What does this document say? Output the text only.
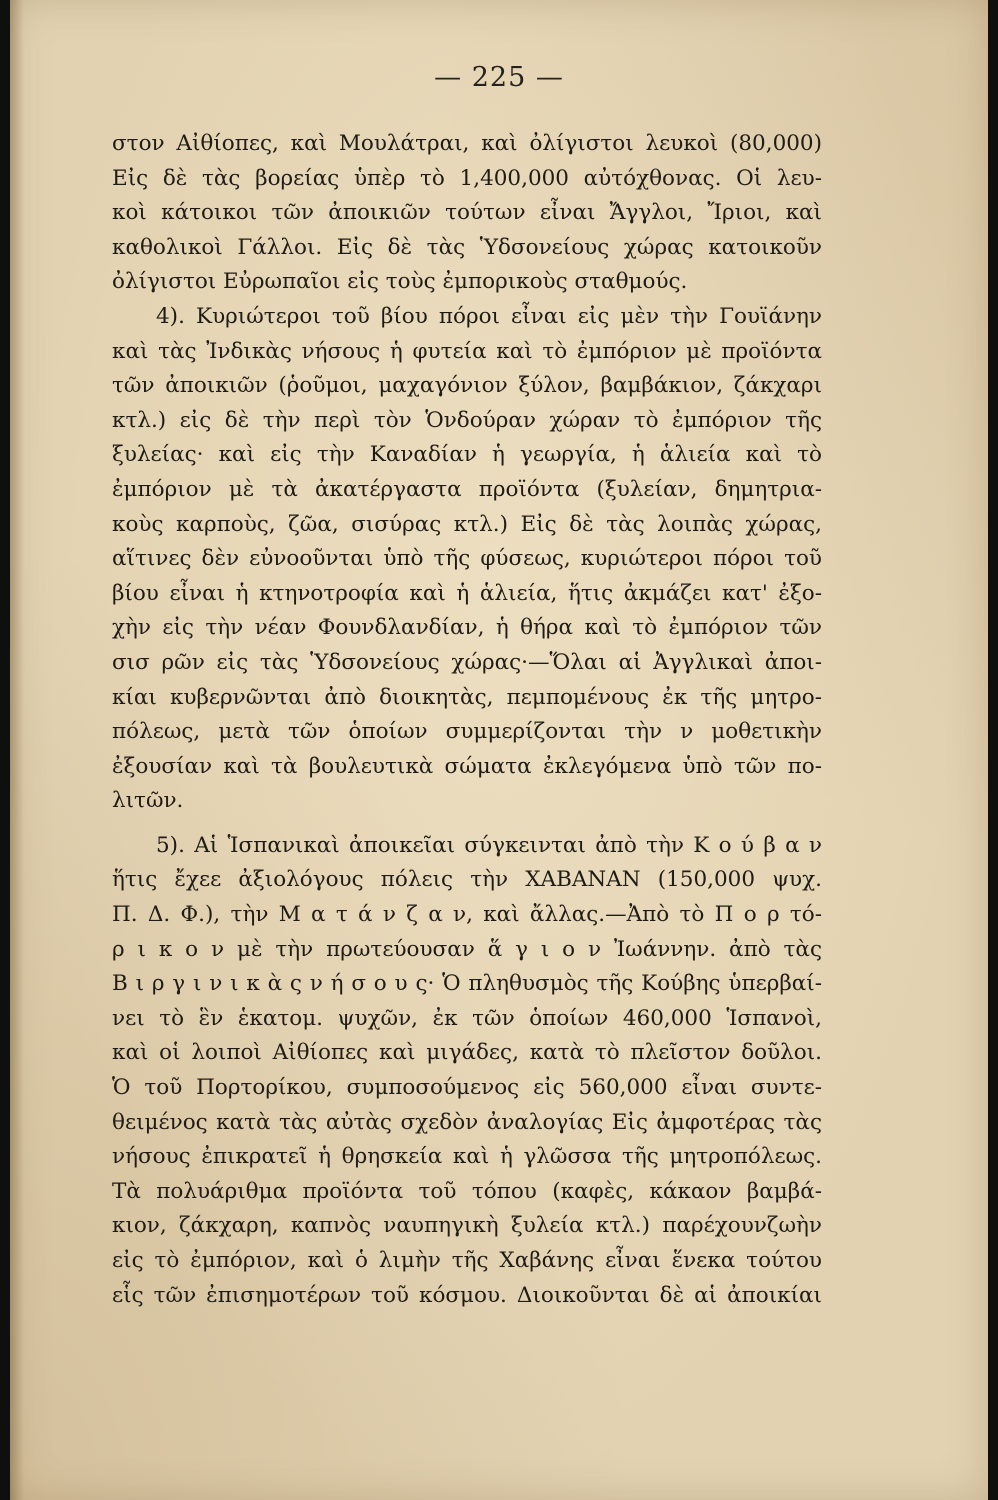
— 225 —
στον Αἰθίοπες, καὶ Μουλάτραι, καὶ ὀλίγιστοι λευκοὶ (80,000)
Εἰς δὲ τὰς βορείας ὑπὲρ τὸ 1,400,000 αὐτόχθονας. Οἱ λευ-
κοὶ κάτοικοι τῶν ἀποικιῶν τούτων εἶναι Ἄγγλοι, Ἴριοι, καὶ
καθολικοὶ Γάλλοι. Εἰς δὲ τὰς Ὑδσονείους χώρας κατοικοῦν
ὀλίγιστοι Εὐρωπαῖοι εἰς τοὺς ἐμπορικοὺς σταθμούς.
4). Κυριώτεροι τοῦ βίου πόροι εἶναι εἰς μὲν τὴν Γουϊάνην
καὶ τὰς Ἰνδικὰς νήσους ἡ φυτεία καὶ τὸ ἐμπόριον μὲ προϊόντα
τῶν ἀποικιῶν (ῥοῦμοι, μαχαγόνιον ξύλον, βαμβάκιον, ζάκχαρι
κτλ.) εἰς δὲ τὴν περὶ τὸν Ὁνδούραν χώραν τὸ ἐμπόριον τῆς
ξυλείας· καὶ εἰς τὴν Καναδίαν ἡ γεωργία, ἡ ἁλιεία καὶ τὸ
ἐμπόριον μὲ τὰ ἀκατέργαστα προϊόντα (ξυλείαν, δημητρια-
κοὺς καρποὺς, ζῶα, σισύρας κτλ.) Εἰς δὲ τὰς λοιπὰς χώρας,
αἵτινες δὲν εὐνοοῦνται ὑπὸ τῆς φύσεως, κυριώτεροι πόροι τοῦ
βίου εἶναι ἡ κτηνοτροφία καὶ ἡ ἁλιεία, ἥτις ἀκμάζει κατ' ἐξο-
χὴν εἰς τὴν νέαν Φουνδλανδίαν, ἡ θήρα καὶ τὸ ἐμπόριον τῶν
σισ ρῶν εἰς τὰς Ὑδσονείους χώρας·—Ὅλαι αἱ Ἀγγλικαὶ ἀποι-
κίαι κυβερνῶνται ἀπὸ διοικητὰς, πεμπομένους ἐκ τῆς μητρο-
πόλεως, μετὰ τῶν ὁποίων συμμερίζονται τὴν ν μοθετικὴν
ἐξουσίαν καὶ τὰ βουλευτικὰ σώματα ἐκλεγόμενα ὑπὸ τῶν πο-
λιτῶν.
5). Αἱ Ἱσπανικαὶ ἀποικεῖαι σύγκεινται ἀπὸ τὴν Κ ο ύ β α ν
ἥτις ἔχεε ἀξιολόγους πόλεις τὴν ΧΑΒΑΝΑΝ (150,000 ψυχ.
Π. Δ. Φ.), τὴν Μ α τ ά ν ζ α ν, καὶ ἄλλας.—Ἀπὸ τὸ Π ο ρ τό-
ρ ι κ ο ν μὲ τὴν πρωτεύουσαν ἅ γ ι ο ν Ἰωάννην. ἀπὸ τὰς
Β ι ρ γ ι ν ι κ ὰ ς ν ή σ ο υ ς· Ὁ πληθυσμὸς τῆς Κούβης ὑπερβαί-
νει τὸ ἓν ἑκατομ. ψυχῶν, ἐκ τῶν ὁποίων 460,000 Ἱσπανοὶ,
καὶ οἱ λοιποὶ Αἰθίοπες καὶ μιγάδες, κατὰ τὸ πλεῖστον δοῦλοι.
Ὁ τοῦ Πορτορίκου, συμποσούμενος εἰς 560,000 εἶναι συντε-
θειμένος κατὰ τὰς αὐτὰς σχεδὸν ἀναλογίας Εἰς ἀμφοτέρας τὰς
νήσους ἐπικρατεῖ ἡ θρησκεία καὶ ἡ γλῶσσα τῆς μητροπόλεως.
Τὰ πολυάριθμα προϊόντα τοῦ τόπου (καφὲς, κάκαον βαμβά-
κιον, ζάκχαρη, καπνὸς ναυπηγικὴ ξυλεία κτλ.) παρέχουνζωὴν
εἰς τὸ ἐμπόριον, καὶ ὁ λιμὴν τῆς Χαβάνης εἶναι ἕνεκα τούτου
εἷς τῶν ἐπισημοτέρων τοῦ κόσμου. Διοικοῦνται δὲ αἱ ἀποικίαι
